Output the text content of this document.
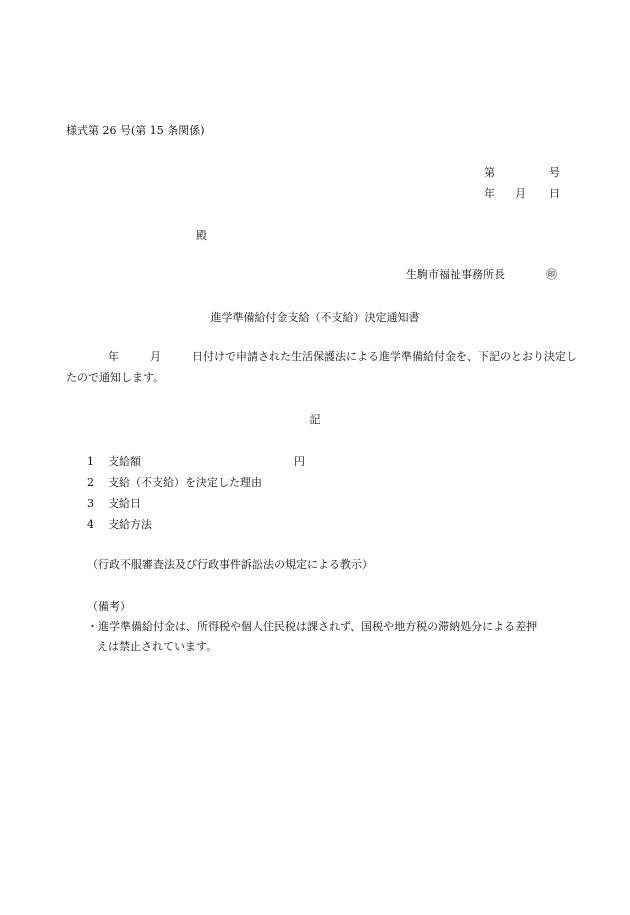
様式第 26 号(第 15 条関係)
第	号
年 月 日
殿
生駒市福祉事務所長	㊞
進学準備給付金支給（不支給）決定通知書
年	月	日付けで申請された生活保護法による進学準備給付金を、下記のとおり決定し
たので通知します。
記
1 支給額	円
2 支給（不支給）を決定した理由
3 支給日
4 支給方法
（行政不服審査法及び行政事件訴訟法の規定による教示）
（備考）
・進学準備給付金は、所得税や個人住民税は課されず、国税や地方税の滞納処分による差押
えは禁止されています。
